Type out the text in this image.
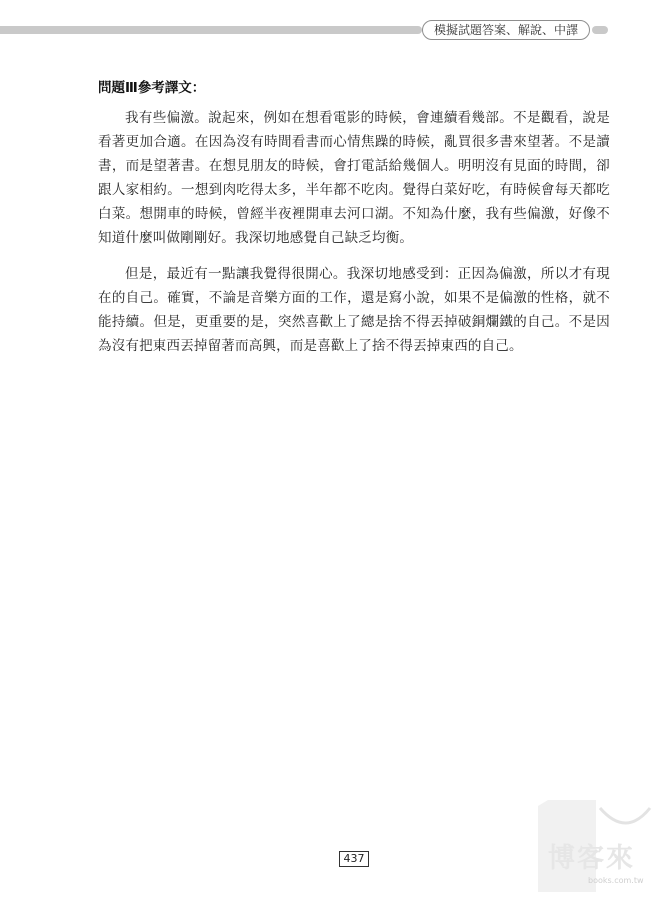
模擬試題答案、解說、中譯
問題Ⅲ參考譯文：

我有些偏激。說起來，例如在想看電影的時候，會連續看幾部。不是觀看，說是看著更加合適。在因為沒有時間看書而心情焦躁的時候，亂買很多書來望著。不是讀書，而是望著書。在想見朋友的時候，會打電話給幾個人。明明沒有見面的時間，卻跟人家相約。一想到肉吃得太多，半年都不吃肉。覺得白菜好吃，有時候會每天都吃白菜。想開車的時候，曾經半夜裡開車去河口湖。不知為什麼，我有些偏激，好像不知道什麼叫做剛剛好。我深切地感覺自己缺乏均衡。

但是，最近有一點讓我覺得很開心。我深切地感受到：正因為偏激，所以才有現在的自己。確實，不論是音樂方面的工作，還是寫小說，如果不是偏激的性格，就不能持續。但是，更重要的是，突然喜歡上了總是捨不得丟掉破銅爛鐵的自己。不是因為沒有把東西丟掉留著而高興，而是喜歡上了捨不得丟掉東西的自己。

437	博客來
books.com.tw
